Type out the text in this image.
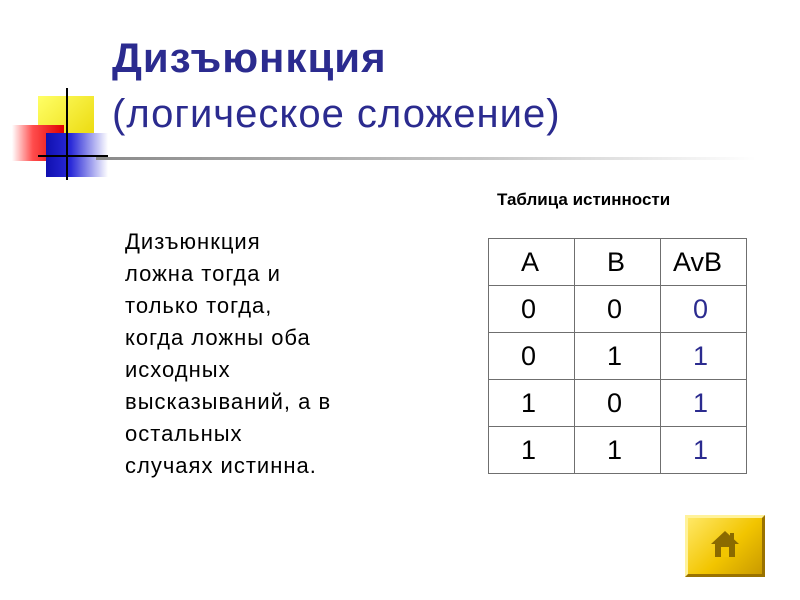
Дизъюнкция
(логическое сложение)
Дизъюнкция
ложна тогда и
только тогда,
когда ложны оба
исходных
высказываний, а в
остальных
случаях истинна.
Таблица истинности
A	B	AvB
0	0	0
0	1	1
1	0	1
1	1	1
